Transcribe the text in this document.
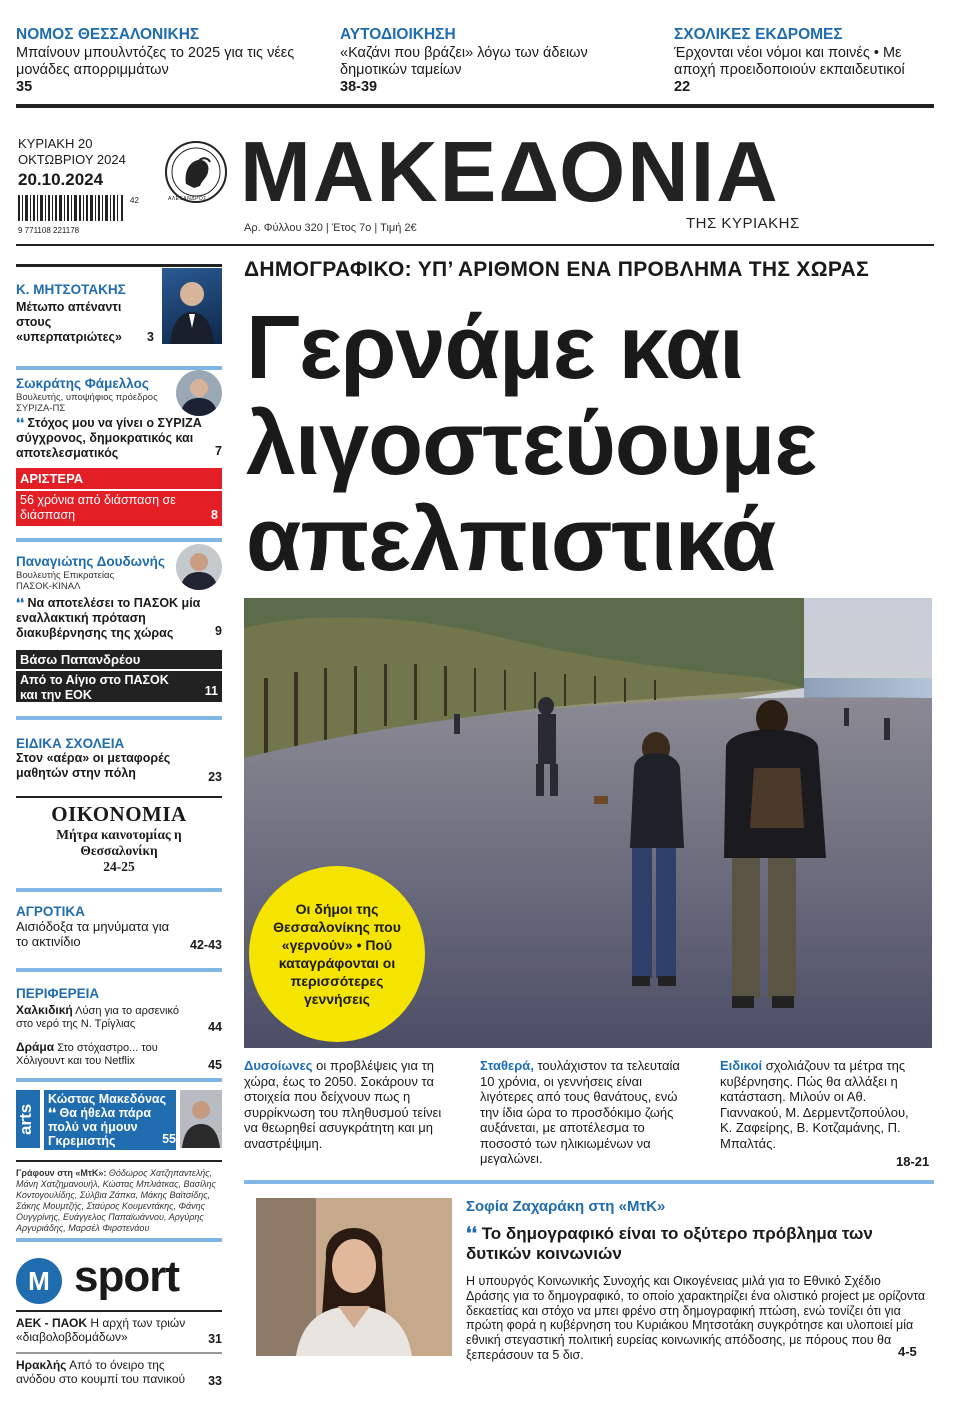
ΝΟΜΟΣ ΘΕΣΣΑΛΟΝΙΚΗΣ
Μπαίνουν μπουλντόζες το 2025 για τις νέες μονάδες απορριμμάτων
35
ΑΥΤΟΔΙΟΙΚΗΣΗ
«Καζάνι που βράζει» λόγω των άδειων δημοτικών ταμείων
38-39
ΣΧΟΛΙΚΕΣ ΕΚΔΡΟΜΕΣ
Έρχονται νέοι νόμοι και ποινές • Με αποχή προειδοποιούν εκπαιδευτικοί
22
ΚΥΡΙΑΚΗ 20
ΟΚΤΩΒΡΙΟΥ 2024
20.10.2024
9 771108 221178
42	ΑΛΕΞΑΝΔΡΟΣ ΜΑΚΕΔΟΝΙΑ
ΤΗΣ ΚΥΡΙΑΚΗΣ
Αρ. Φύλλου 320 | Έτος 7ο | Τιμή 2€
Κ. ΜΗΤΣΟΤΑΚΗΣ
Μέτωπο απέναντι στους «υπερπατριώτες»	3
Σωκράτης Φάμελλος
Βουλευτής, υποψήφιος πρόεδρος ΣΥΡΙΖΑ-ΠΣ
❛❛ Στόχος μου να γίνει ο ΣΥΡΙΖΑ σύγχρονος, δημοκρατικός και αποτελεσματικός	7
ΑΡΙΣΤΕΡΑ
56 χρόνια από διάσπαση σε διάσπαση	8
Παναγιώτης Δουδωνής
Βουλευτής Επικρατείας ΠΑΣΟΚ-ΚΙΝΑΛ
❛❛ Να αποτελέσει το ΠΑΣΟΚ μία εναλλακτική πρόταση διακυβέρνησης της χώρας	9
Βάσω Παπανδρέου
Από το Αίγιο στο ΠΑΣΟΚ και την ΕΟΚ	11
ΕΙΔΙΚΑ ΣΧΟΛΕΙΑ
Στον «αέρα» οι μεταφορές μαθητών στην πόλη	23
ΟΙΚΟΝΟΜΙΑ
Μήτρα καινοτομίας η Θεσσαλονίκη
24-25
ΑΓΡΟΤΙΚΑ
Αισιόδοξα τα μηνύματα για το ακτινίδιο	42-43
ΠΕΡΙΦΕΡΕΙΑ
Χαλκιδική Λύση για το αρσενικό στο νερό της Ν. Τρίγλιας	44
Δράμα Στο στόχαστρο... του Χόλιγουντ και του Netflix	45
arts
Κώστας Μακεδόνας
❛❛ Θα ήθελα πάρα πολύ να ήμουν Γκρεμιστής	55
Γράφουν στη «ΜτΚ»: Θόδωρος Χατζηπαντελής, Μάνη Χατζημανουήλ, Κώστας Μπλιάτκας, Βασίλης Κοντογουλίδης, Σύλβια Ζάπκα, Μάκης Βαϊτσίδης, Σάκης Μουμτζής, Σταύρος Κουμεντάκης, Φάνης Ουγγρίνης, Ευάγγελος Παπαϊωάννου, Αργύρης Αργυριάδης, Μαρσέλ Φιρστενάου
M sport
ΑΕΚ - ΠΑΟΚ Η αρχή των τριών «διαβολοβδομάδων»	31
Ηρακλής Από το όνειρο της ανόδου στο κουμπί του πανικού	33
ΔΗΜΟΓΡΑΦΙΚΟ: ΥΠ’ ΑΡΙΘΜΟΝ ΕΝΑ ΠΡΟΒΛΗΜΑ ΤΗΣ ΧΩΡΑΣ
Γερνάμε και
λιγοστεύουμε
απελπιστικά
Οι δήμοι της Θεσσαλονίκης που «γερνούν» • Πού καταγράφονται οι περισσότερες γεννήσεις
Δυσοίωνες οι προβλέψεις για τη χώρα, έως το 2050. Σοκάρουν τα στοιχεία που δείχνουν πως η συρρίκνωση του πληθυσμού τείνει να θεωρηθεί ασυγκράτητη και μη αναστρέψιμη.
Σταθερά, τουλάχιστον τα τελευταία 10 χρόνια, οι γεννήσεις είναι λιγότερες από τους θανάτους, ενώ την ίδια ώρα το προσδόκιμο ζωής αυξάνεται, με αποτέλεσμα το ποσοστό των ηλικιωμένων να μεγαλώνει.
Ειδικοί σχολιάζουν τα μέτρα της κυβέρνησης. Πώς θα αλλάξει η κατάσταση. Μιλούν οι Αθ. Γιαννακού, Μ. Δερμεντζοπούλου, Κ. Ζαφείρης, Β. Κοτζαμάνης, Π. Μπαλτάς.
18-21
Σοφία Ζαχαράκη στη «ΜτΚ»
❛❛ Το δημογραφικό είναι το οξύτερο πρόβλημα των δυτικών κοινωνιών
Η υπουργός Κοινωνικής Συνοχής και Οικογένειας μιλά για το Εθνικό Σχέδιο Δράσης για το δημογραφικό, το οποίο χαρακτηρίζει ένα ολιστικό project με ορίζοντα δεκαετίας και στόχο να μπει φρένο στη δημογραφική πτώση, ενώ τονίζει ότι για πρώτη φορά η κυβέρνηση του Κυριάκου Μητσοτάκη συγκρότησε και υλοποιεί μία εθνική στεγαστική πολιτική ευρείας κοινωνικής απόδοσης, με πόρους που θα ξεπεράσουν τα 5 δισ.	4-5
